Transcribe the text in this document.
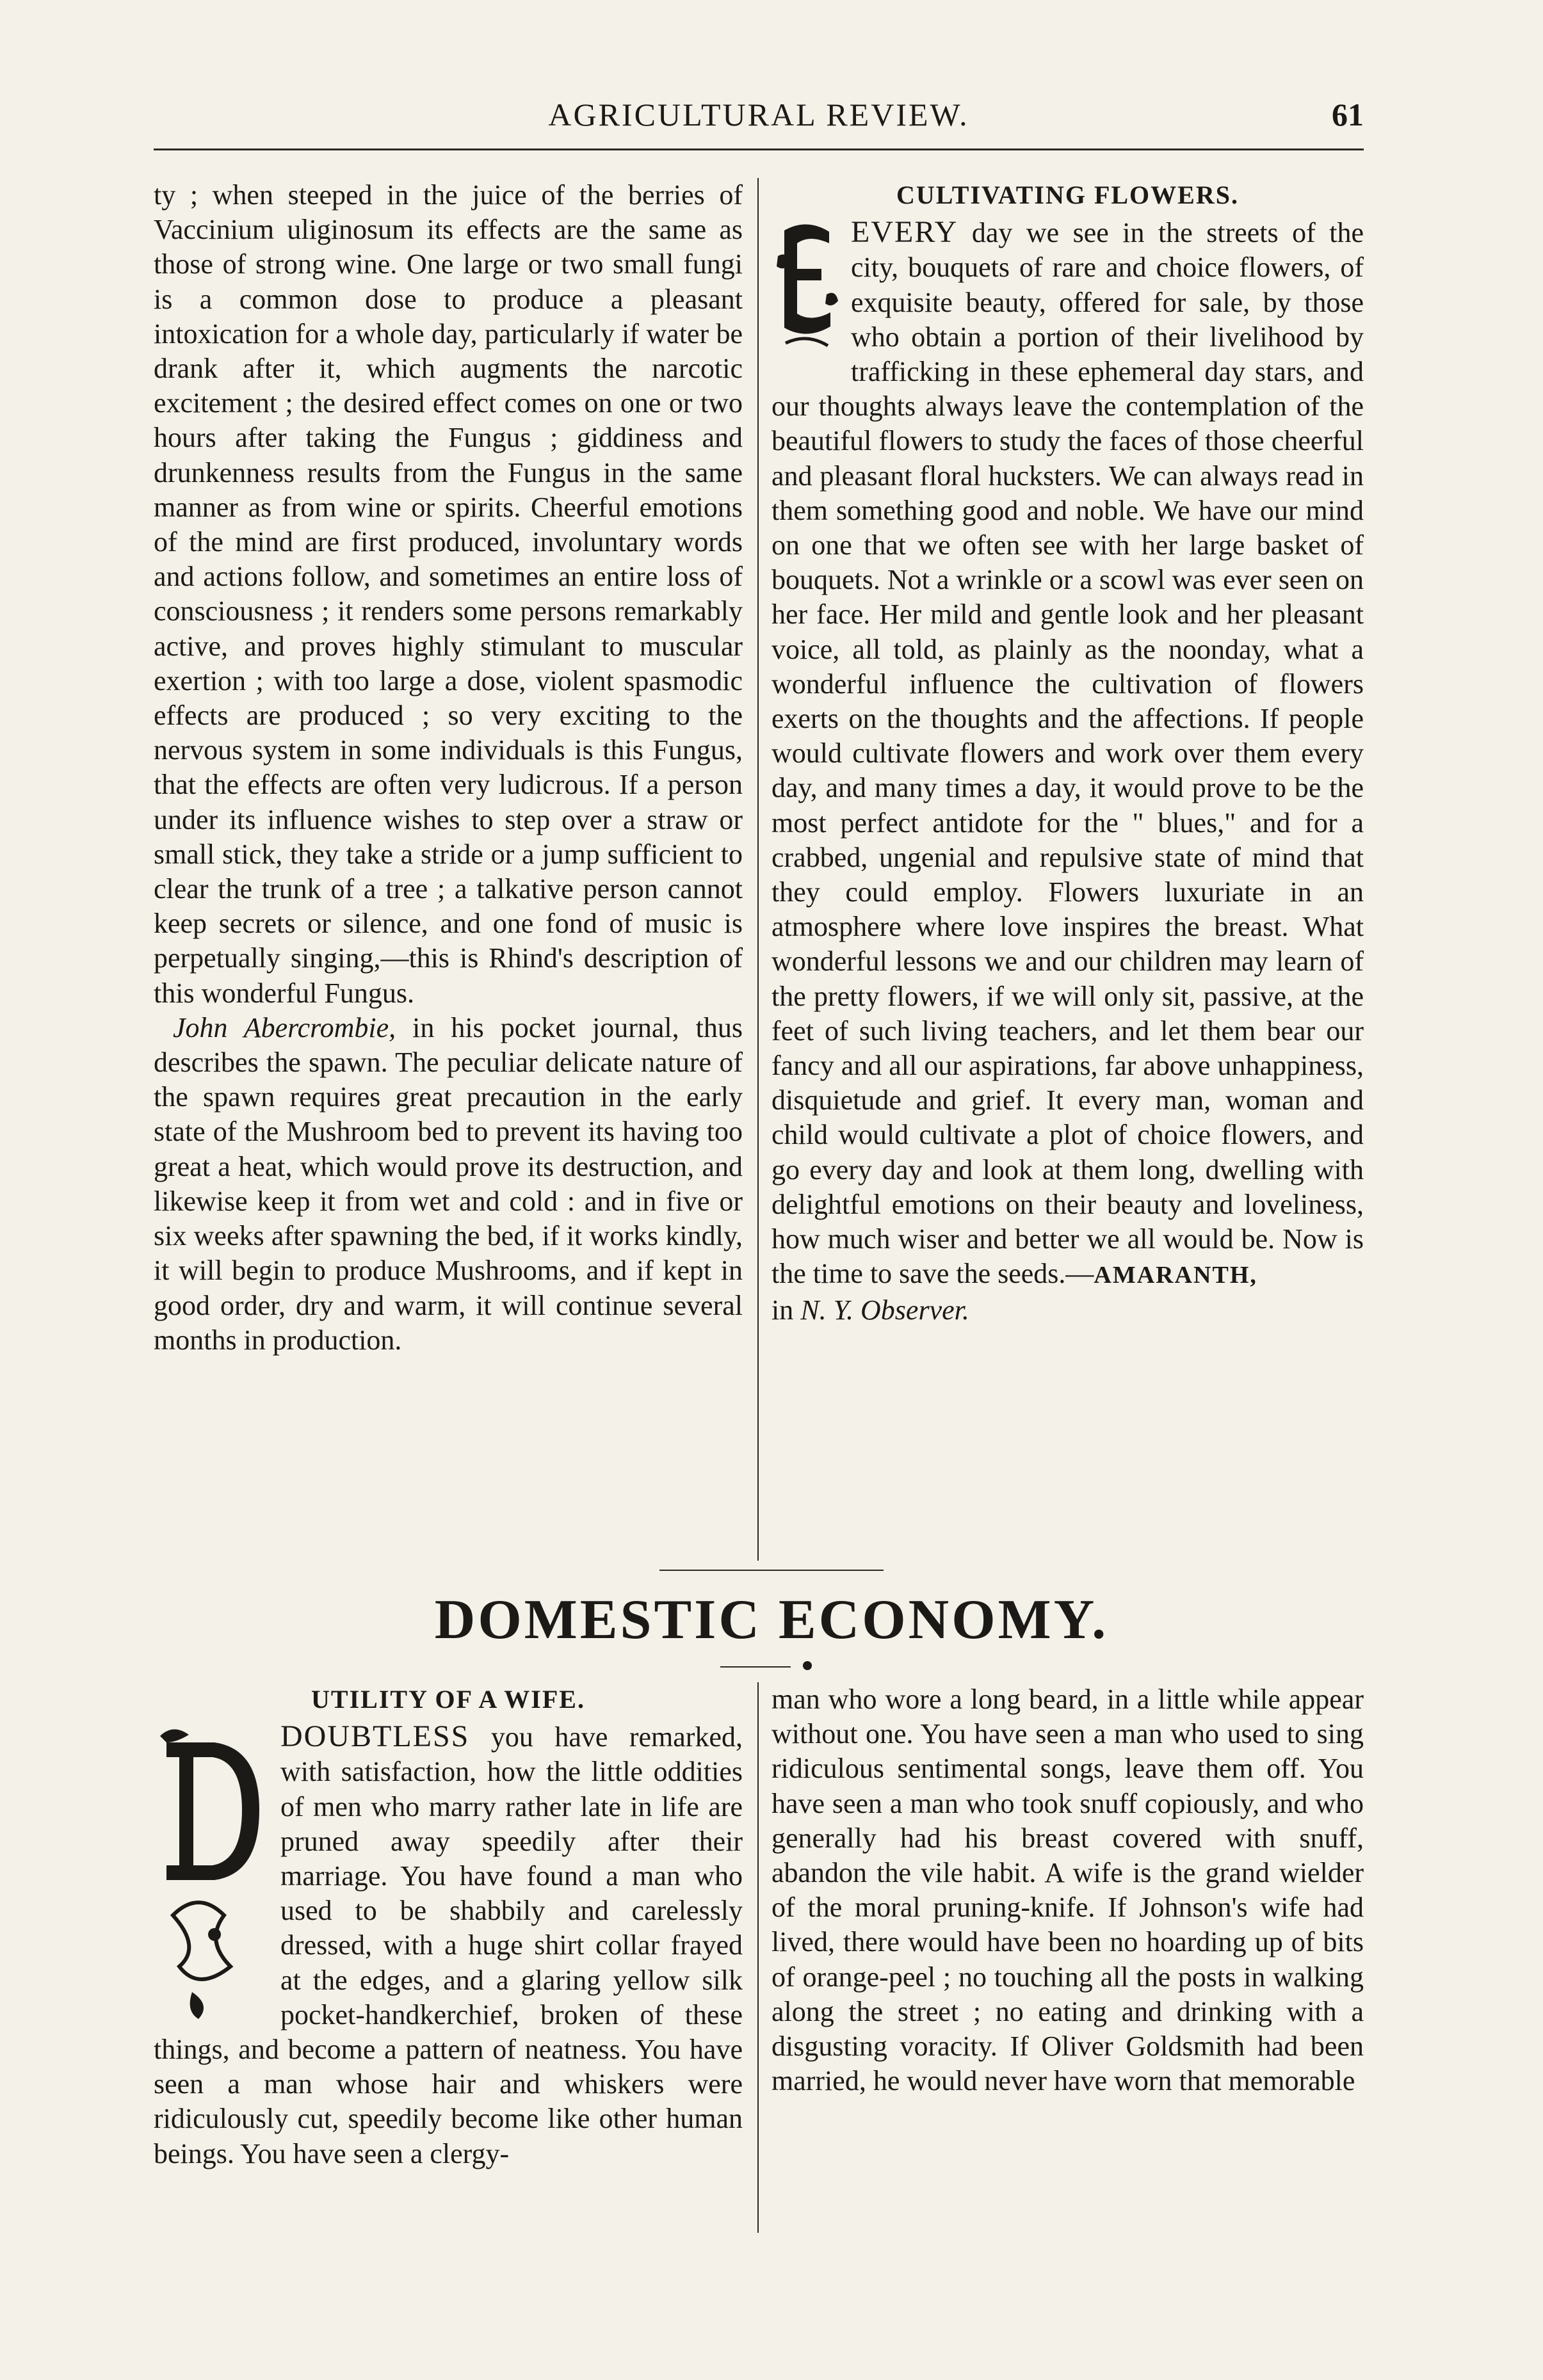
AGRICULTURAL REVIEW.	61

ty ; when steeped in the juice of the berries of Vaccinium uliginosum its effects are the same as those of strong wine. One large or two small fungi is a common dose to produce a pleasant intoxication for a whole day, particularly if water be drank after it, which augments the narcotic excitement ; the desired effect comes on one or two hours after taking the Fungus ; giddiness and drunkenness results from the Fungus in the same manner as from wine or spirits. Cheerful emotions of the mind are first produced, involuntary words and actions follow, and sometimes an entire loss of consciousness ; it renders some persons remarkably active, and proves highly stimulant to muscular exertion ; with too large a dose, violent spasmodic effects are produced ; so very exciting to the nervous system in some individuals is this Fungus, that the effects are often very ludicrous. If a person under its influence wishes to step over a straw or small stick, they take a stride or a jump sufficient to clear the trunk of a tree ; a talkative person cannot keep secrets or silence, and one fond of music is perpetually singing,—this is Rhind's description of this wonderful Fungus.

John Abercrombie, in his pocket journal, thus describes the spawn. The peculiar delicate nature of the spawn requires great precaution in the early state of the Mushroom bed to prevent its having too great a heat, which would prove its destruction, and likewise keep it from wet and cold : and in five or six weeks after spawning the bed, if it works kindly, it will begin to produce Mushrooms, and if kept in good order, dry and warm, it will continue several months in production.

CULTIVATING FLOWERS.

EVERY day we see in the streets of the city, bouquets of rare and choice flowers, of exquisite beauty, offered for sale, by those who obtain a portion of their livelihood by trafficking in these ephemeral day stars, and our thoughts always leave the contemplation of the beautiful flowers to study the faces of those cheerful and pleasant floral hucksters. We can always read in them something good and noble. We have our mind on one that we often see with her large basket of bouquets. Not a wrinkle or a scowl was ever seen on her face. Her mild and gentle look and her pleasant voice, all told, as plainly as the noonday, what a wonderful influence the cultivation of flowers exerts on the thoughts and the affections. If people would cultivate flowers and work over them every day, and many times a day, it would prove to be the most perfect antidote for the " blues," and for a crabbed, ungenial and repulsive state of mind that they could employ. Flowers luxuriate in an atmosphere where love inspires the breast. What wonderful lessons we and our children may learn of the pretty flowers, if we will only sit, passive, at the feet of such living teachers, and let them bear our fancy and all our aspirations, far above unhappiness, disquietude and grief. It every man, woman and child would cultivate a plot of choice flowers, and go every day and look at them long, dwelling with delightful emotions on their beauty and loveliness, how much wiser and better we all would be. Now is the time to save the seeds.—AMARANTH,
in N. Y. Observer.

DOMESTIC ECONOMY.
UTILITY OF A WIFE.

DOUBTLESS you have remarked, with satisfaction, how the little oddities of men who marry rather late in life are pruned away speedily after their marriage. You have found a man who used to be shabbily and carelessly dressed, with a huge shirt collar frayed at the edges, and a glaring yellow silk pocket-handkerchief, broken of these things, and become a pattern of neatness. You have seen a man whose hair and whiskers were ridiculously cut, speedily become like other human beings. You have seen a clergy-

man who wore a long beard, in a little while appear without one. You have seen a man who used to sing ridiculous sentimental songs, leave them off. You have seen a man who took snuff copiously, and who generally had his breast covered with snuff, abandon the vile habit. A wife is the grand wielder of the moral pruning-knife. If Johnson's wife had lived, there would have been no hoarding up of bits of orange-peel ; no touching all the posts in walking along the street ; no eating and drinking with a disgusting voracity. If Oliver Goldsmith had been married, he would never have worn that memorable
